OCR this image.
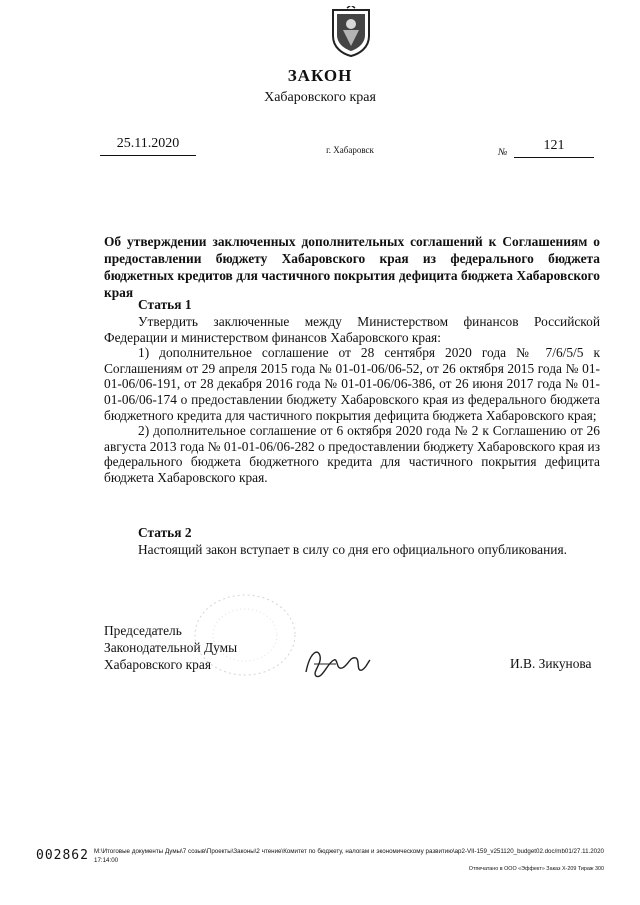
ЗАКОН
Хабаровского края
25.11.2020	г. Хабаровск	№	121
Об утверждении заключенных дополнительных соглашений к Соглашениям о предоставлении бюджету Хабаровского края из федерального бюджета бюджетных кредитов для частичного покрытия дефицита бюджета Хабаровского края
Статья 1

Утвердить заключенные между Министерством финансов Российской Федерации и министерством финансов Хабаровского края:

1) дополнительное соглашение от 28 сентября 2020 года № 7/6/5/5 к Соглашениям от 29 апреля 2015 года № 01-01-06/06-52, от 26 октября 2015 года № 01-01-06/06-191, от 28 декабря 2016 года № 01-01-06/06-386, от 26 июня 2017 года № 01-01-06/06-174 о предоставлении бюджету Хабаровского края из федерального бюджета бюджетного кредита для частичного покрытия дефицита бюджета Хабаровского края;

2) дополнительное соглашение от 6 октября 2020 года № 2 к Соглашению от 26 августа 2013 года № 01-01-06/06-282 о предоставлении бюджету Хабаровского края из федерального бюджета бюджетного кредита для частичного покрытия дефицита бюджета Хабаровского края.

Статья 2

Настоящий закон вступает в силу со дня его официального опубликования.

Председатель
Законодательной Думы
Хабаровского края	И.В. Зикунова
002862 M:\Итоговые документы Думы\7 созыв\Проекты\Законы\2 чтение\Комитет по бюджету, налогам и экономическому развитию\ap2-VII-159_v251120_budget02.doc/mb01/27.11.2020 17:14:00
Отпечатано в ООО «Эффект» Заказ Х-209 Тираж 300
